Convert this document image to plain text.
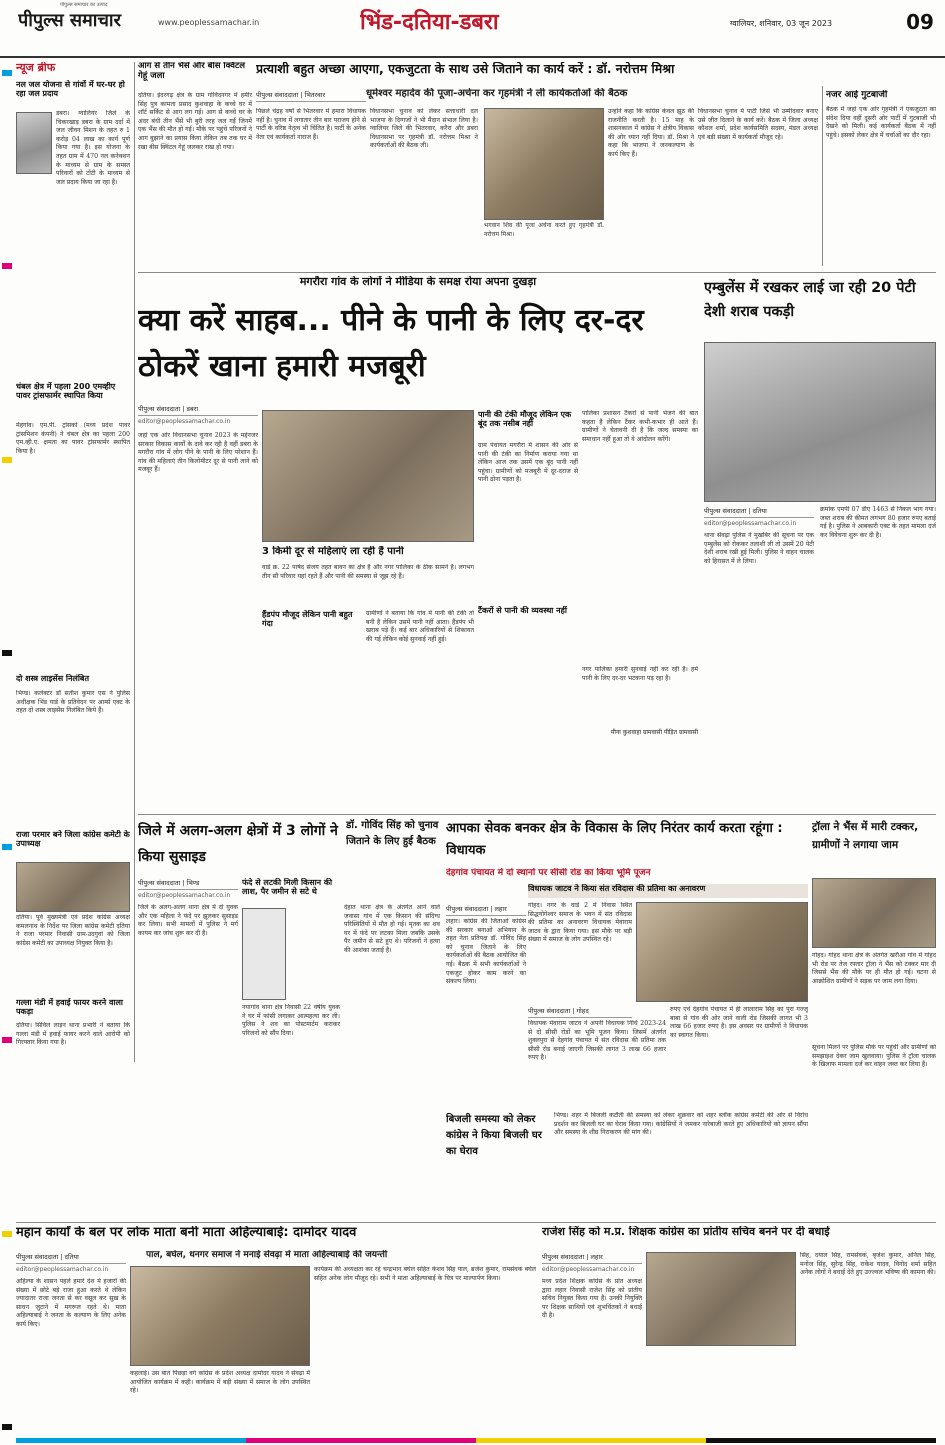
पीपुल्स समाचार
पीपुल्स समाचार का उत्पाद
www.peoplessamachar.in	भिंड-दतिया-डबरा	ग्वालियर, शनिवार, 03 जून 2023	09
न्यूज ब्रीफ
नल जल योजना से गांवों में घर-घर हो रहा जल प्रदाय
डबरा। ग्वालियर जिले के चिकरखाड़ डबरा के ग्राम दर्दा में जल जीवन मिशन के तहत रु 1 करोड़ 04 लाख का कार्य पूर्ण किया गया है। इस योजना के तहत ग्राम में 470 नल कनेक्शन के माध्यम से ग्राम के समस्त परिवारों को टोंटी के माध्यम से जल प्रदाय किया जा रहा है।
चंबल क्षेत्र में पहला 200 एमव्हीए पावर ट्रांसफार्मर स्थापित किया
मेहगांव। एम.पी. ट्रांसको (मध्य प्रदेश पावर ट्रांसमिशन कंपनी) ने चंबल क्षेत्र का पहला 200 एम.व्ही.ए. क्षमता का पावर ट्रांसफार्मर स्थापित किया है।
दो शस्त्र लाइसेंस निलंबित
भिण्ड। कलेक्टर डॉ सतीश कुमार एस ने पुलिस अधीक्षक भिंड यार्ड के प्रतिवेदन पर आर्म्स एक्ट के तहत दो शस्त्र लाइसेंस निलंबित किये हैं।
राजा परमार बने जिला कांग्रेस कमेटी के उपाध्यक्ष
दतिया। पूर्व मुख्यमंत्री एवं प्रदेश कांग्रेस अध्यक्ष कमलनाथ के निर्देश पर जिला कांग्रेस कमेटी दतिया ने राजा परमार निवासी ग्राम-उदगुवां को जिला कांग्रेस कमेटी का उपाध्यक्ष नियुक्त किया है।
गल्ला मंडी में हवाई फायर करने वाला पकड़ा
दतिया। सिविल लाइन थाना प्रभारी ने बताया कि गल्ला मंडी में हवाई फायर करने वाले आरोपी को गिरफ्तार किया गया है।
आग से तीन भैंसें और बीस क्विंटल गेहूं जला
दतिया। इंदरगढ़ क्षेत्र के ग्राम गोविंदनगर में हमीर सिंह पुत्र कामता प्रसाद कुशवाहा के कच्चे घर में शॉर्ट सर्किट से आग लग गई। आग से कच्चे घर के अंदर बंधी तीन भैंसें भी बुरी तरह जल गईं जिनमें एक भैंस की मौत हो गई। मौके पर पहुंचे परिजनों ने आग बुझाने का प्रयास किया लेकिन तब तक घर में रखा बीस क्विंटल गेहूं जलकर राख हो गया।
प्रत्याशी बहुत अच्छा आएगा, एकजुटता के साथ उसे जिताने का कार्य करें : डॉ. नरोत्तम मिश्रा
पीपुल्स संवाददाता | भितरवार	धूमेश्वर महादेव की पूजा-अर्चना कर गृहमंत्री ने ली कार्यकर्ताओं की बैठक
पिछले चंद्रह वर्षों से भितरवार में हमारा विधायक नहीं है। चुनाव में लगातार तीन बार पराजय होने से पार्टी के वरिष्ठ नेतृत्व भी चिंतित है। पार्टी के अनेक नेता एवं कार्यकर्ता नाराज हैं।
विधानसभा चुनाव को लेकर सत्ताधारी दल भाजपा के दिग्गजों ने भी मैदान संभाल लिया है। ग्वालियर जिले की भितरवार, करैरा और डबरा विधानसभा पर गृहमंत्री डॉ. नरोत्तम मिश्रा ने कार्यकर्ताओं की बैठक ली।
भगवान शिव की पूजा अर्चना करते हुए गृहमंत्री डॉ. नरोत्तम मिश्रा।
उन्होंने कहा कि कांग्रेस केवल झूठ की राजनीति करती है। 15 माह के शासनकाल में कांग्रेस ने क्षेत्रीय विकास की ओर ध्यान नहीं दिया। डॉ. मिश्रा ने कहा कि भाजपा ने जनकल्याण के कार्य किए हैं।
विधानसभा चुनाव में पार्टी जिसे भी उम्मीदवार बनाए उसे जीत दिलाने के कार्य करें। बैठक में जिला अध्यक्ष कौशल शर्मा, प्रदेश कार्यसमिति सदस्य, मंडल अध्यक्ष एवं बड़ी संख्या में कार्यकर्ता मौजूद रहे।
नजर आई गुटबाजी
बैठक में जहां एक ओर गृहमंत्री ने एकजुटता का संदेश दिया वहीं दूसरी ओर पार्टी में गुटबाजी भी देखने को मिली। कई कार्यकर्ता बैठक में नहीं पहुंचे। इसको लेकर क्षेत्र में चर्चाओं का दौर रहा।
मगरौरा गांव के लोगों ने मीडिया के समक्ष रोया अपना दुखड़ा
क्या करें साहब... पीने के पानी के लिए दर-दर ठोकरें खाना हमारी मजबूरी
पीपुल्स संवाददाता | डबरा
editor@peoplessamachar.co.in
जहां एक ओर विधानसभा चुनाव 2023 के मद्देनजर सरकार विकास कार्यों के दावे कर रही है वहीं डबरा के मगरौरा गांव में लोग पीने के पानी के लिए परेशान हैं। गांव की महिलाएं तीन किलोमीटर दूर से पानी लाने को मजबूर हैं।
3 किमी दूर से महिलाएं ला रही हैं पानी
वार्ड क्र. 22 पार्षद संजय तहत बावन का क्षेत्र है और नगर पालिका के ठीक सामने है। लगभग तीन सौ परिवार यहां रहते हैं और पानी की समस्या से जूझ रहे हैं।
हैंडपंप मौजूद लेकिन पानी बहुत गंदा
ग्रामीणों ने बताया कि गांव में पानी की टंकी तो बनी है लेकिन उसमें पानी नहीं आता। हैंडपंप भी खराब पड़े हैं। कई बार अधिकारियों से शिकायत की गई लेकिन कोई सुनवाई नहीं हुई।
पानी की टंकी मौजूद लेकिन एक बूंद तक नसीब नहीं
ग्राम पंचायत मगरौरा में शासन की ओर से पानी की टंकी का निर्माण कराया गया था लेकिन आज तक उसमें एक बूंद पानी नहीं पहुंचा। ग्रामीणों को मजबूरी में दूर-दराज से पानी ढोना पड़ता है।
टैंकरों से पानी की व्यवस्था नहीं
पालिका प्रशासन टैंकरों से पानी भेजने की बात कहता है लेकिन टैंकर कभी-कभार ही आते हैं। ग्रामीणों ने चेतावनी दी है कि जल्द समस्या का समाधान नहीं हुआ तो वे आंदोलन करेंगे।
नगर पालिका हमारी सुनवाई नहीं कर रही है। हमें पानी के लिए दर-दर भटकना पड़ रहा है।
मीना कुशवाहा ग्रामवासी पीड़ित ग्रामवासी
एम्बुलेंस में रखकर लाई जा रही 20 पेटी देशी शराब पकड़ी
पीपुल्स संवाददाता | दतिया
editor@peoplessamachar.co.in
थाना सेंवढ़ा पुलिस ने मुखबिर की सूचना पर एक एम्बुलेंस को रोककर तलाशी ली तो उसमें 20 पेटी देशी शराब रखी हुई मिली। पुलिस ने वाहन चालक को हिरासत में ले लिया।
क्रमांक एमपी 07 डीए 1463 से निकल भाग गया। जब्त शराब की कीमत लगभग 80 हजार रुपए बताई गई है। पुलिस ने आबकारी एक्ट के तहत मामला दर्ज कर विवेचना शुरू कर दी है।
जिले में अलग-अलग क्षेत्रों में 3 लोगों ने किया सुसाइड
पीपुल्स संवाददाता | भिण्ड
editor@peoplessamachar.co.in
जिले के अलग-अलग थाना क्षेत्र में दो युवक और एक महिला ने फंदे पर झूलकर सुसाइड कर लिया। सभी मामलों में पुलिस ने मर्ग कायम कर जांच शुरू कर दी है।
फंदे से लटकी मिली किसान की लाश, पैर जमीन से सटे थे
नयागांव थाना क्षेत्र निवासी 22 वर्षीय युवक ने घर में फांसी लगाकर आत्महत्या कर ली। पुलिस ने शव का पोस्टमार्टम कराकर परिजनों को सौंप दिया।
देहात थाना क्षेत्र के अंतर्गत आने वाले जवासा गांव में एक किसान की संदिग्ध परिस्थितियों में मौत हो गई। मृतक का शव घर में फंदे पर लटका मिला जबकि उसके पैर जमीन से सटे हुए थे। परिजनों ने हत्या की आशंका जताई है।
डॉ. गोविंद सिंह को चुनाव जिताने के लिए हुई बैठक
पीपुल्स संवाददाता | लहार
लहार। कांग्रेस की जिताओ कांग्रेस की सरकार बनाओ अभियान के तहत नेता प्रतिपक्ष डॉ. गोविंद सिंह को चुनाव जिताने के लिए कार्यकर्ताओं की बैठक आयोजित की गई। बैठक में सभी कार्यकर्ताओं ने एकजुट होकर काम करने का संकल्प लिया।
आपका सेवक बनकर क्षेत्र के विकास के लिए निरंतर कार्य करता रहूंगा : विधायक
देहगांव पंचायत में दो स्थानों पर सीसी रोड का किया भूमि पूजन
विधायक जाटव ने किया संत रविदास की प्रतिमा का अनावरण
गोहद। नगर के वार्ड 2 में निवास स्थित सिद्धयोगेश्वर समाज के भवन में संत रविदास की प्रतिमा का अनावरण विधायक मेवाराम जाटव के द्वारा किया गया। इस मौके पर बड़ी संख्या में समाज के लोग उपस्थित रहे।
पीपुल्स संवाददाता | गोहद
विधायक मेवाराम जाटव ने अपनी विधायक निधि 2023-24 से दो सीसी रोडों का भूमि पूजन किया। जिसमें अंतर्गत शुक्लपुरा से देहगांव पंचायत में संत रविदास की प्रतिमा तक सीसी रोड बनाई जाएगी जिसकी लागत 3 लाख 66 हजार रुपए है।
रुपए एवं देहगांव पंचायत में ही लालाराम सिंह का पुरा गज्जू बाबा से गांव की ओर जाने वाली रोड जिसकी लागत भी 3 लाख 66 हजार रुपए है। इस अवसर पर ग्रामीणों ने विधायक का स्वागत किया।
ट्रॉला ने भैंस में मारी टक्कर, ग्रामीणों ने लगाया जाम
गोहद। गोहद थाना क्षेत्र के अंतर्गत खरौआ गांव में गोहद भी रोड पर तेज रफ्तार ट्रॉला ने भैंस को टक्कर मार दी जिससे भैंस की मौके पर ही मौत हो गई। घटना से आक्रोशित ग्रामीणों ने सड़क पर जाम लगा दिया।
सूचना मिलने पर पुलिस मौके पर पहुंची और ग्रामीणों को समझाइश देकर जाम खुलवाया। पुलिस ने ट्रॉला चालक के खिलाफ मामला दर्ज कर वाहन जब्त कर लिया है।
बिजली समस्या को लेकर कांग्रेस ने किया बिजली घर का घेराव
भिण्ड। शहर में बिजली कटौती की समस्या को लेकर शुक्रवार को शहर ब्लॉक कांग्रेस कमेटी की ओर से विरोध प्रदर्शन कर बिजली घर का घेराव किया गया। कांग्रेसियों ने जमकर नारेबाजी करते हुए अधिकारियों को ज्ञापन सौंपा और समस्या के शीघ्र निराकरण की मांग की।
महान कार्यों के बल पर लोक माता बनी माता अहिल्याबाई: दामोदर यादव
पीपुल्स संवाददाता | दतिया	पाल, बघेल, धनगर समाज ने मनाई सेंवढ़ा में माता अहिल्याबाई की जयन्ती
editor@peoplessamachar.co.in
अहिल्या के शासन पहले हमारे देश में हजारों की संख्या में छोटे बड़े राजा हुआ करते थे लेकिन ज्यादातर राजा जनता से कर वसूल कर सुख के साधन जुटाने में मगरूल रहते थे। माता अहिल्याबाई ने जनता के कल्याण के लिए अनेक कार्य किए।
कहलाई। उस बात पिछड़ा वर्ग कांग्रेस के प्रदेश अध्यक्ष दामोदर यादव ने सेंवढ़ा में आयोजित कार्यक्रम में कही। कार्यक्रम में बड़ी संख्या में समाज के लोग उपस्थित रहे।
कार्यक्रम की अध्यक्षता कर रहे चन्द्रभान बघेल सहित केशव सिंह पाल, ब्रजेश कुमार, रामसेवक बघेल सहित अनेक लोग मौजूद रहे। सभी ने माता अहिल्याबाई के चित्र पर माल्यार्पण किया।
राजेश सिंह को म.प्र. शिक्षक कांग्रेस का प्रांतीय सचिव बनने पर दी बधाई
पीपुल्स संवाददाता | लहार
editor@peoplessamachar.co.in
मध्य प्रदेश शिक्षक कांग्रेस के प्रांत अध्यक्ष द्वारा लहार निवासी राजेश सिंह को प्रांतीय सचिव नियुक्त किया गया है। उनकी नियुक्ति पर शिक्षक साथियों एवं शुभचिंतकों ने बधाई दी है।
सिंह, दयाल सिंह, रामसेवक, बृजेश कुमार, अनिल सिंह, मनोज सिंह, सुरेन्द्र सिंह, राकेश यादव, विनोद शर्मा सहित अनेक लोगों ने बधाई देते हुए उज्ज्वल भविष्य की कामना की।
